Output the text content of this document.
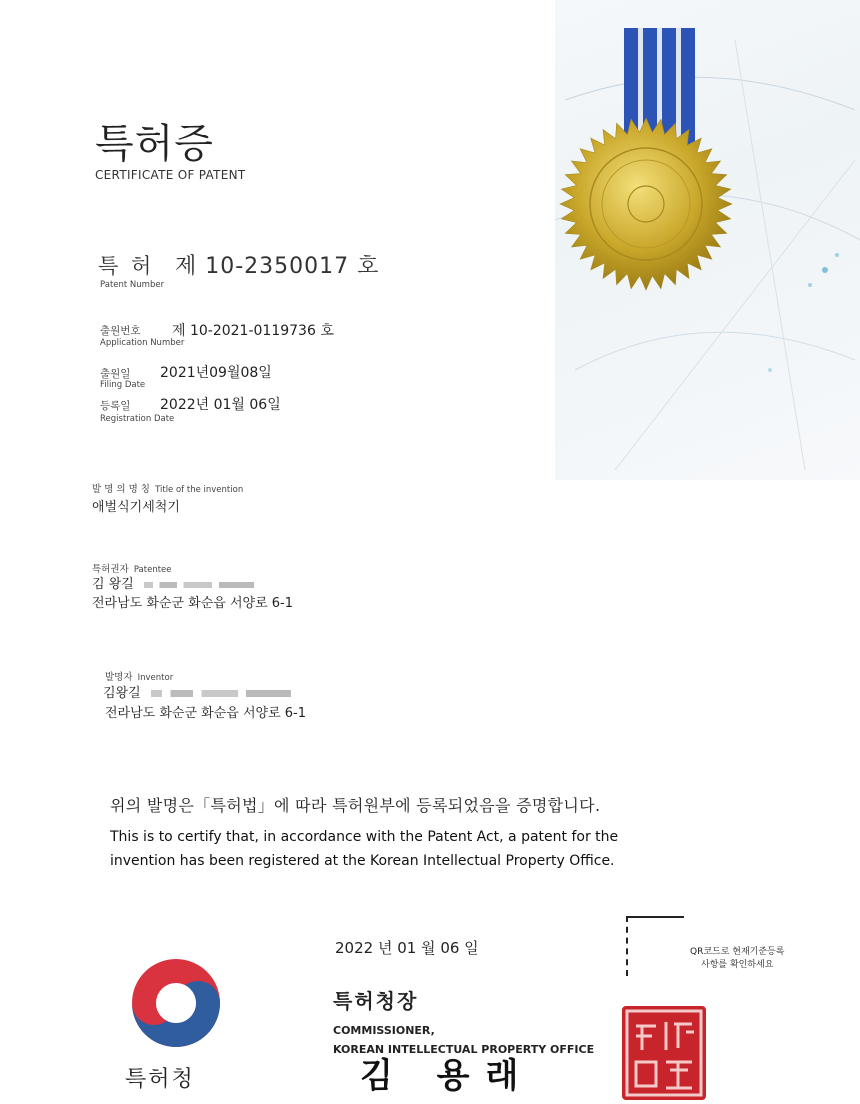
특허증
CERTIFICATE OF PATENT
특 허 제 10-2350017 호
Patent Number
출원번호 제 10-2021-0119736 호
Application Number
출원일 2021년09월08일
Filing Date
등록일 2022년 01월 06일
Registration Date
발 명 의 명 칭 Title of the invention
애벌식기세척기
특허권자 Patentee
김 왕길
전라남도 화순군 화순읍 서양로 6-1
발명자 Inventor
김왕길
전라남도 화순군 화순읍 서양로 6-1
위의 발명은「특허법」에 따라 특허원부에 등록되었음을 증명합니다.
This is to certify that, in accordance with the Patent Act, a patent for the
invention has been registered at the Korean Intellectual Property Office.
특허청
2022 년 01 월 06 일
특허청장
COMMISSIONER,
KOREAN INTELLECTUAL PROPERTY OFFICE
김 용래
QR코드로 현재기준등록
사항를 확인하세요
